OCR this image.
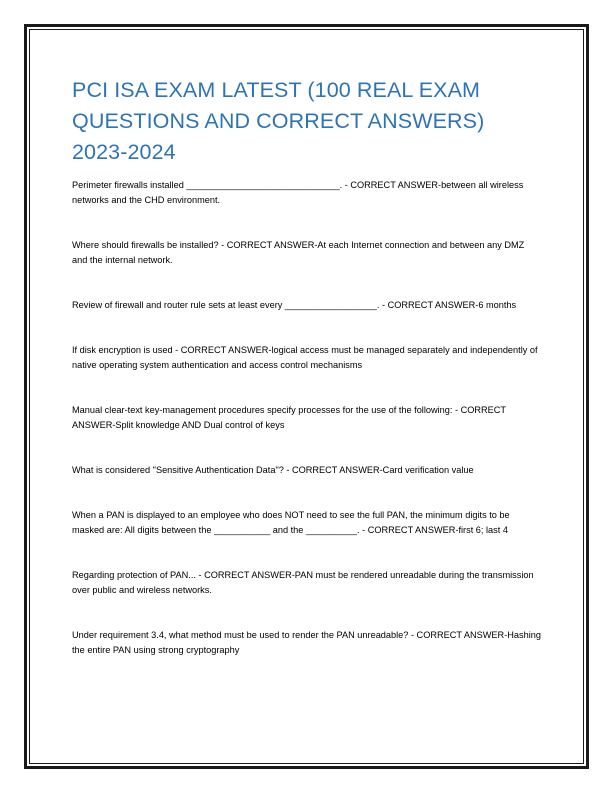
PCI ISA EXAM LATEST (100 REAL EXAM QUESTIONS AND CORRECT ANSWERS) 2023-2024

Perimeter firewalls installed ______________________________. - CORRECT ANSWER-between all wireless networks and the CHD environment.

Where should firewalls be installed? - CORRECT ANSWER-At each Internet connection and between any DMZ and the internal network.

Review of firewall and router rule sets at least every __________________. - CORRECT ANSWER-6 months

If disk encryption is used - CORRECT ANSWER-logical access must be managed separately and independently of native operating system authentication and access control mechanisms

Manual clear-text key-management procedures specify processes for the use of the following: - CORRECT ANSWER-Split knowledge AND Dual control of keys

What is considered "Sensitive Authentication Data"? - CORRECT ANSWER-Card verification value

When a PAN is displayed to an employee who does NOT need to see the full PAN, the minimum digits to be masked are: All digits between the ___________ and the __________. - CORRECT ANSWER-first 6; last 4

Regarding protection of PAN... - CORRECT ANSWER-PAN must be rendered unreadable during the transmission over public and wireless networks.

Under requirement 3.4, what method must be used to render the PAN unreadable? - CORRECT ANSWER-Hashing the entire PAN using strong cryptography
